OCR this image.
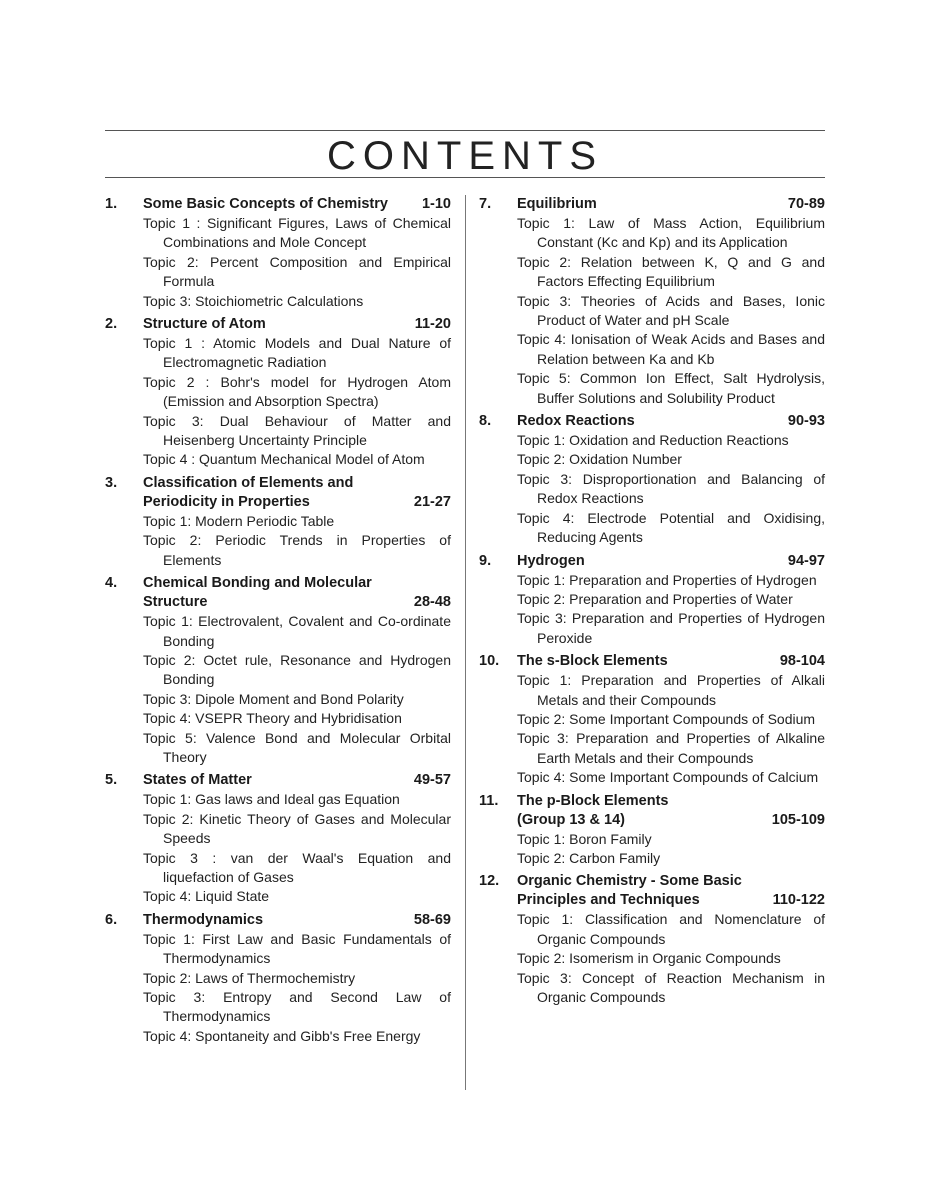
CONTENTS
1.	Some Basic Concepts of Chemistry	1-10
Topic 1 : Significant Figures, Laws of Chemical Combinations and Mole Concept
Topic 2: Percent Composition and Empirical Formula
Topic 3: Stoichiometric Calculations
2.	Structure of Atom	11-20
Topic 1 : Atomic Models and Dual Nature of Electromagnetic Radiation
Topic 2 : Bohr's model for Hydrogen Atom (Emission and Absorption Spectra)
Topic 3: Dual Behaviour of Matter and Heisenberg Uncertainty Principle
Topic 4 : Quantum Mechanical Model of Atom
3.	Classification of Elements and
Periodicity in Properties	21-27
Topic 1: Modern Periodic Table
Topic 2: Periodic Trends in Properties of Elements
4.	Chemical Bonding and Molecular
Structure	28-48
Topic 1: Electrovalent, Covalent and Co-ordinate Bonding
Topic 2: Octet rule, Resonance and Hydrogen Bonding
Topic 3: Dipole Moment and Bond Polarity
Topic 4: VSEPR Theory and Hybridisation
Topic 5: Valence Bond and Molecular Orbital Theory
5.	States of Matter	49-57
Topic 1: Gas laws and Ideal gas Equation
Topic 2: Kinetic Theory of Gases and Molecular Speeds
Topic 3 : van der Waal's Equation and liquefaction of Gases
Topic 4: Liquid State
6.	Thermodynamics	58-69
Topic 1: First Law and Basic Fundamentals of Thermodynamics
Topic 2: Laws of Thermochemistry
Topic 3: Entropy and Second Law of Thermodynamics
Topic 4: Spontaneity and Gibb's Free Energy
7.	Equilibrium	70-89
Topic 1: Law of Mass Action, Equilibrium Constant (Kc and Kp) and its Application
Topic 2: Relation between K, Q and G and Factors Effecting Equilibrium
Topic 3: Theories of Acids and Bases, Ionic Product of Water and pH Scale
Topic 4: Ionisation of Weak Acids and Bases and Relation between Ka and Kb
Topic 5: Common Ion Effect, Salt Hydrolysis, Buffer Solutions and Solubility Product
8.	Redox Reactions	90-93
Topic 1: Oxidation and Reduction Reactions
Topic 2: Oxidation Number
Topic 3: Disproportionation and Balancing of Redox Reactions
Topic 4: Electrode Potential and Oxidising, Reducing Agents
9.	Hydrogen	94-97
Topic 1: Preparation and Properties of Hydrogen
Topic 2: Preparation and Properties of Water
Topic 3: Preparation and Properties of Hydrogen Peroxide
10.	The s-Block Elements	98-104
Topic 1: Preparation and Properties of Alkali Metals and their Compounds
Topic 2: Some Important Compounds of Sodium
Topic 3: Preparation and Properties of Alkaline Earth Metals and their Compounds
Topic 4: Some Important Compounds of Calcium
11.	The p-Block Elements
(Group 13 & 14)	105-109
Topic 1: Boron Family
Topic 2: Carbon Family
12.	Organic Chemistry - Some Basic
Principles and Techniques	110-122
Topic 1: Classification and Nomenclature of Organic Compounds
Topic 2: Isomerism in Organic Compounds
Topic 3: Concept of Reaction Mechanism in Organic Compounds
